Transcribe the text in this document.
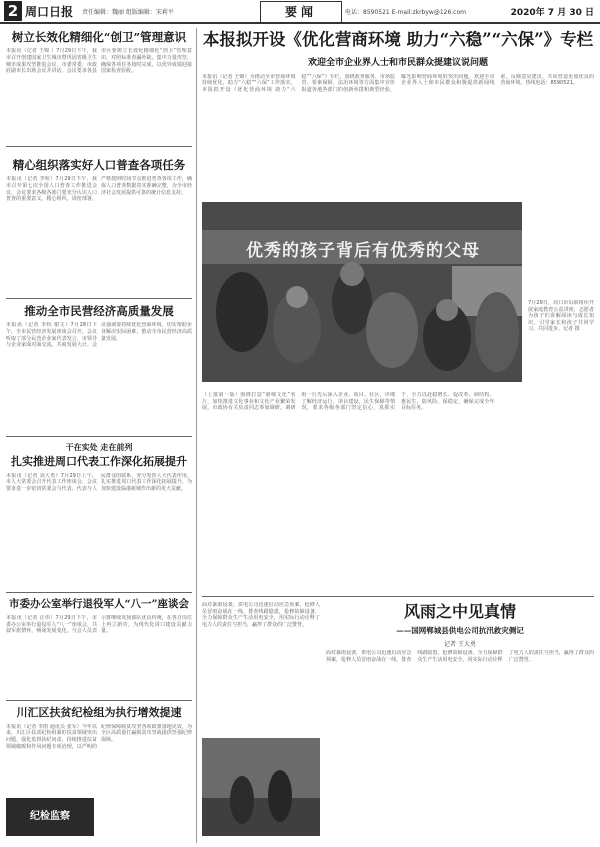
2 周口日报 责任编辑：魏丽 组版编辑：宋莉平	要闻	电话：8590521 E-mail:zkrbyw@126.com	2020年 7 月 30 日
树立长效化精细化“创卫”管理意识

本报讯（记者 王锦 ）7月29日下午，我市召开创建国家卫生城市暨巩固省级卫生城市成果攻坚推进会议，市委常委、市政府副市长出席会议并讲话。会议要求各县市区要树立长效化精细化“创卫”管理意识，对照标准查漏补缺，集中力量攻坚，确保各项任务按时完成，以优异成绩迎接国家检查验收。

精心组织落实好人口普查各项任务

本报讯（记者 李杭）7月29日下午，我市召开第七次全国人口普查工作推进会议，会议要求各级各部门要充分认识人口普查的重要意义，精心组织，周密部署，严格按照时间节点推进普查各项工作，确保人口普查数据真实准确完整，为全市经济社会发展提供可靠的统计信息支持。

推动全市民营经济高质量发展

本报讯（记者 李杭 谢文）7月28日下午，全市民营经济发展座谈会召开，会议听取了部分民营企业家代表发言，市领导与企业家面对面交流，共商发展大计。会议强调要持续优化营商环境，切实帮助企业解决实际困难，推动全市民营经济高质量发展。

干在实处 走在前列
扎实推进周口代表工作深化拓展提升

本报讯（记者 刘大勇）7月29日上午，市人大常委会召开代表工作座谈会，会议要求进一步密切常委会与代表、代表与人民群众的联系，充分发挥人大代表作用，扎实推进周口代表工作深化拓展提升，为加快建设临港新城作出新的更大贡献。

市委办公室举行退役军人“八一”座谈会

本报讯（记者 汪伟）7月29日下午，市委办公室举行退役军人“八一”座谈会，共叙军旅情怀，畅谈发展变化。与会人员表示将继续发扬部队优良传统，在各自岗位上再立新功，为现代化周口建设贡献力量。

川汇区扶贫纪检组为执行增效提速

本报讯（记者 李雨 通讯员 张军）今年以来，川汇区扶贫纪检组紧盯扶贫领域突出问题，强化监督执纪问责，持续推进扶贫领域腐败和作风问题专项治理，以严明的纪律保障脱贫攻坚各项政策落地见效，为全区高质量打赢脱贫攻坚战提供坚强纪律保障。

纪检监察
本报拟开设《优化营商环境 助力“六稳”“六保”》专栏
欢迎全市企业界人士和市民群众提建议说问题

本报讯（记者 王锦）为推动全市营商环境持续优化，助力“六稳”“六保”工作落实，本报拟开设《优化营商环境 助力“六稳”“六保”》专栏，围绕政务服务、市场监管、要素保障、法治环境等方面集中宣传报道各地各部门的创新举措和典型经验，曝光影响营商环境的突出问题。欢迎全市企业界人士和市民群众积极提供新闻线索，反映意见建议，共同营造更加优良的营商环境。热线电话：8590521。

优秀的孩子背后有优秀的父母

7月29日，周口市妇联组织开展家庭教育公益讲座，志愿者为孩子们讲解阅读与成长知识，引导家长和孩子共同学习、共同进步。记者 摄

（上接第一版）围绕打造“港城文化”名片，加快推进文化事业和文化产业繁荣发展。市政协有关负责同志参加调研。调研组一行先后深入企业、项目、社区，详细了解经济运行、项目建设、民生保障等情况，要求各级各部门坚定信心，真抓实干，全力以赴稳增长、促改革、调结构、惠民生、防风险、保稳定，确保完成全年目标任务。

面对暴雨侵袭，供电公司迅速启动应急预案，抢修人员冒雨奋战在一线，排查线路隐患，抢修故障设备，全力保障群众生产生活用电安全，用实际行动诠释了电力人的责任与担当，赢得了群众的广泛赞誉。

风雨之中见真情
——国网郸城县供电公司抗汛救灾侧记
记者 王大勇

面对暴雨侵袭，供电公司迅速启动应急预案，抢修人员冒雨奋战在一线，排查线路隐患，抢修故障设备，全力保障群众生产生活用电安全，用实际行动诠释了电力人的责任与担当，赢得了群众的广泛赞誉。
